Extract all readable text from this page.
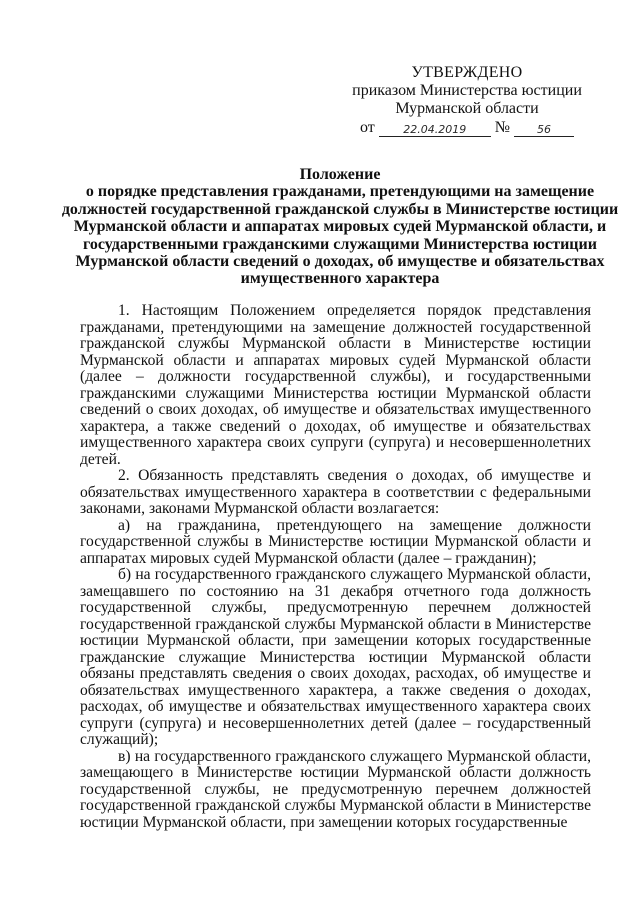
УТВЕРЖДЕНО
приказом Министерства юстиции
Мурманской области
от	22.04.2019	№	56
Положение
о порядке представления гражданами, претендующими на замещение должностей государственной гражданской службы в Министерстве юстиции Мурманской области и аппаратах мировых судей Мурманской области, и государственными гражданскими служащими Министерства юстиции Мурманской области сведений о доходах, об имуществе и обязательствах имущественного характера

1. Настоящим Положением определяется порядок представления гражданами, претендующими на замещение должностей государственной гражданской службы Мурманской области в Министерстве юстиции Мурманской области и аппаратах мировых судей Мурманской области (далее – должности государственной службы), и государственными гражданскими служащими Министерства юстиции Мурманской области сведений о своих доходах, об имуществе и обязательствах имущественного характера, а также сведений о доходах, об имуществе и обязательствах имущественного характера своих супруги (супруга) и несовершеннолетних детей.

2. Обязанность представлять сведения о доходах, об имуществе и обязательствах имущественного характера в соответствии с федеральными законами, законами Мурманской области возлагается:

а) на гражданина, претендующего на замещение должности государственной службы в Министерстве юстиции Мурманской области и аппаратах мировых судей Мурманской области (далее – гражданин);

б) на государственного гражданского служащего Мурманской области, замещавшего по состоянию на 31 декабря отчетного года должность государственной службы, предусмотренную перечнем должностей государственной гражданской службы Мурманской области в Министерстве юстиции Мурманской области, при замещении которых государственные гражданские служащие Министерства юстиции Мурманской области обязаны представлять сведения о своих доходах, расходах, об имуществе и обязательствах имущественного характера, а также сведения о доходах, расходах, об имуществе и обязательствах имущественного характера своих супруги (супруга) и несовершеннолетних детей (далее – государственный служащий);

в) на государственного гражданского служащего Мурманской области, замещающего в Министерстве юстиции Мурманской области должность государственной службы, не предусмотренную перечнем должностей государственной гражданской службы Мурманской области в Министерстве юстиции Мурманской области, при замещении которых государственные
